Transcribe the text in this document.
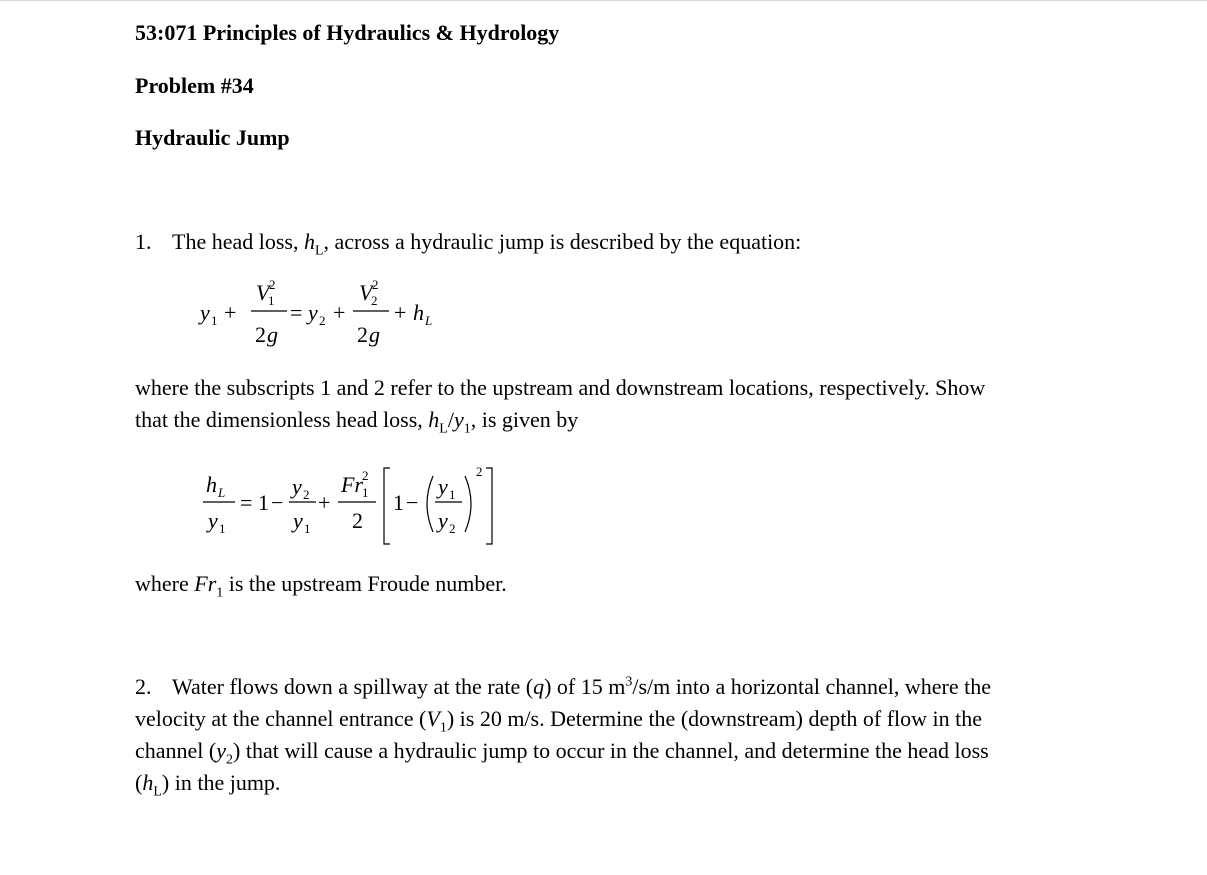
53:071 Principles of Hydraulics & Hydrology
Problem #34
Hydraulic Jump
1. The head loss, $h_L$, across a hydraulic jump is described by the equation:
y 1 +
V 2
1
2 g
= y 2 +
V 2
2
2 g
+ h L
where the subscripts 1 and 2 refer to the upstream and downstream locations, respectively. Show
that the dimensionless head loss, $h_L/y_1$, is given by
h L
y 1
= 1 −
y 2
y 1
+
Fr 2
1
2
1 −
y 1
y 2
2
where $Fr_1$ is the upstream Froude number.
2. Water flows down a spillway at the rate (q) of 15 $m^3/s/m$ into a horizontal channel, where the
velocity at the channel entrance $(V_1)$ is 20 m/s. Determine the (downstream) depth of flow in the
channel $(y_2)$ that will cause a hydraulic jump to occur in the channel, and determine the head loss
$(h_L)$ in the jump.
